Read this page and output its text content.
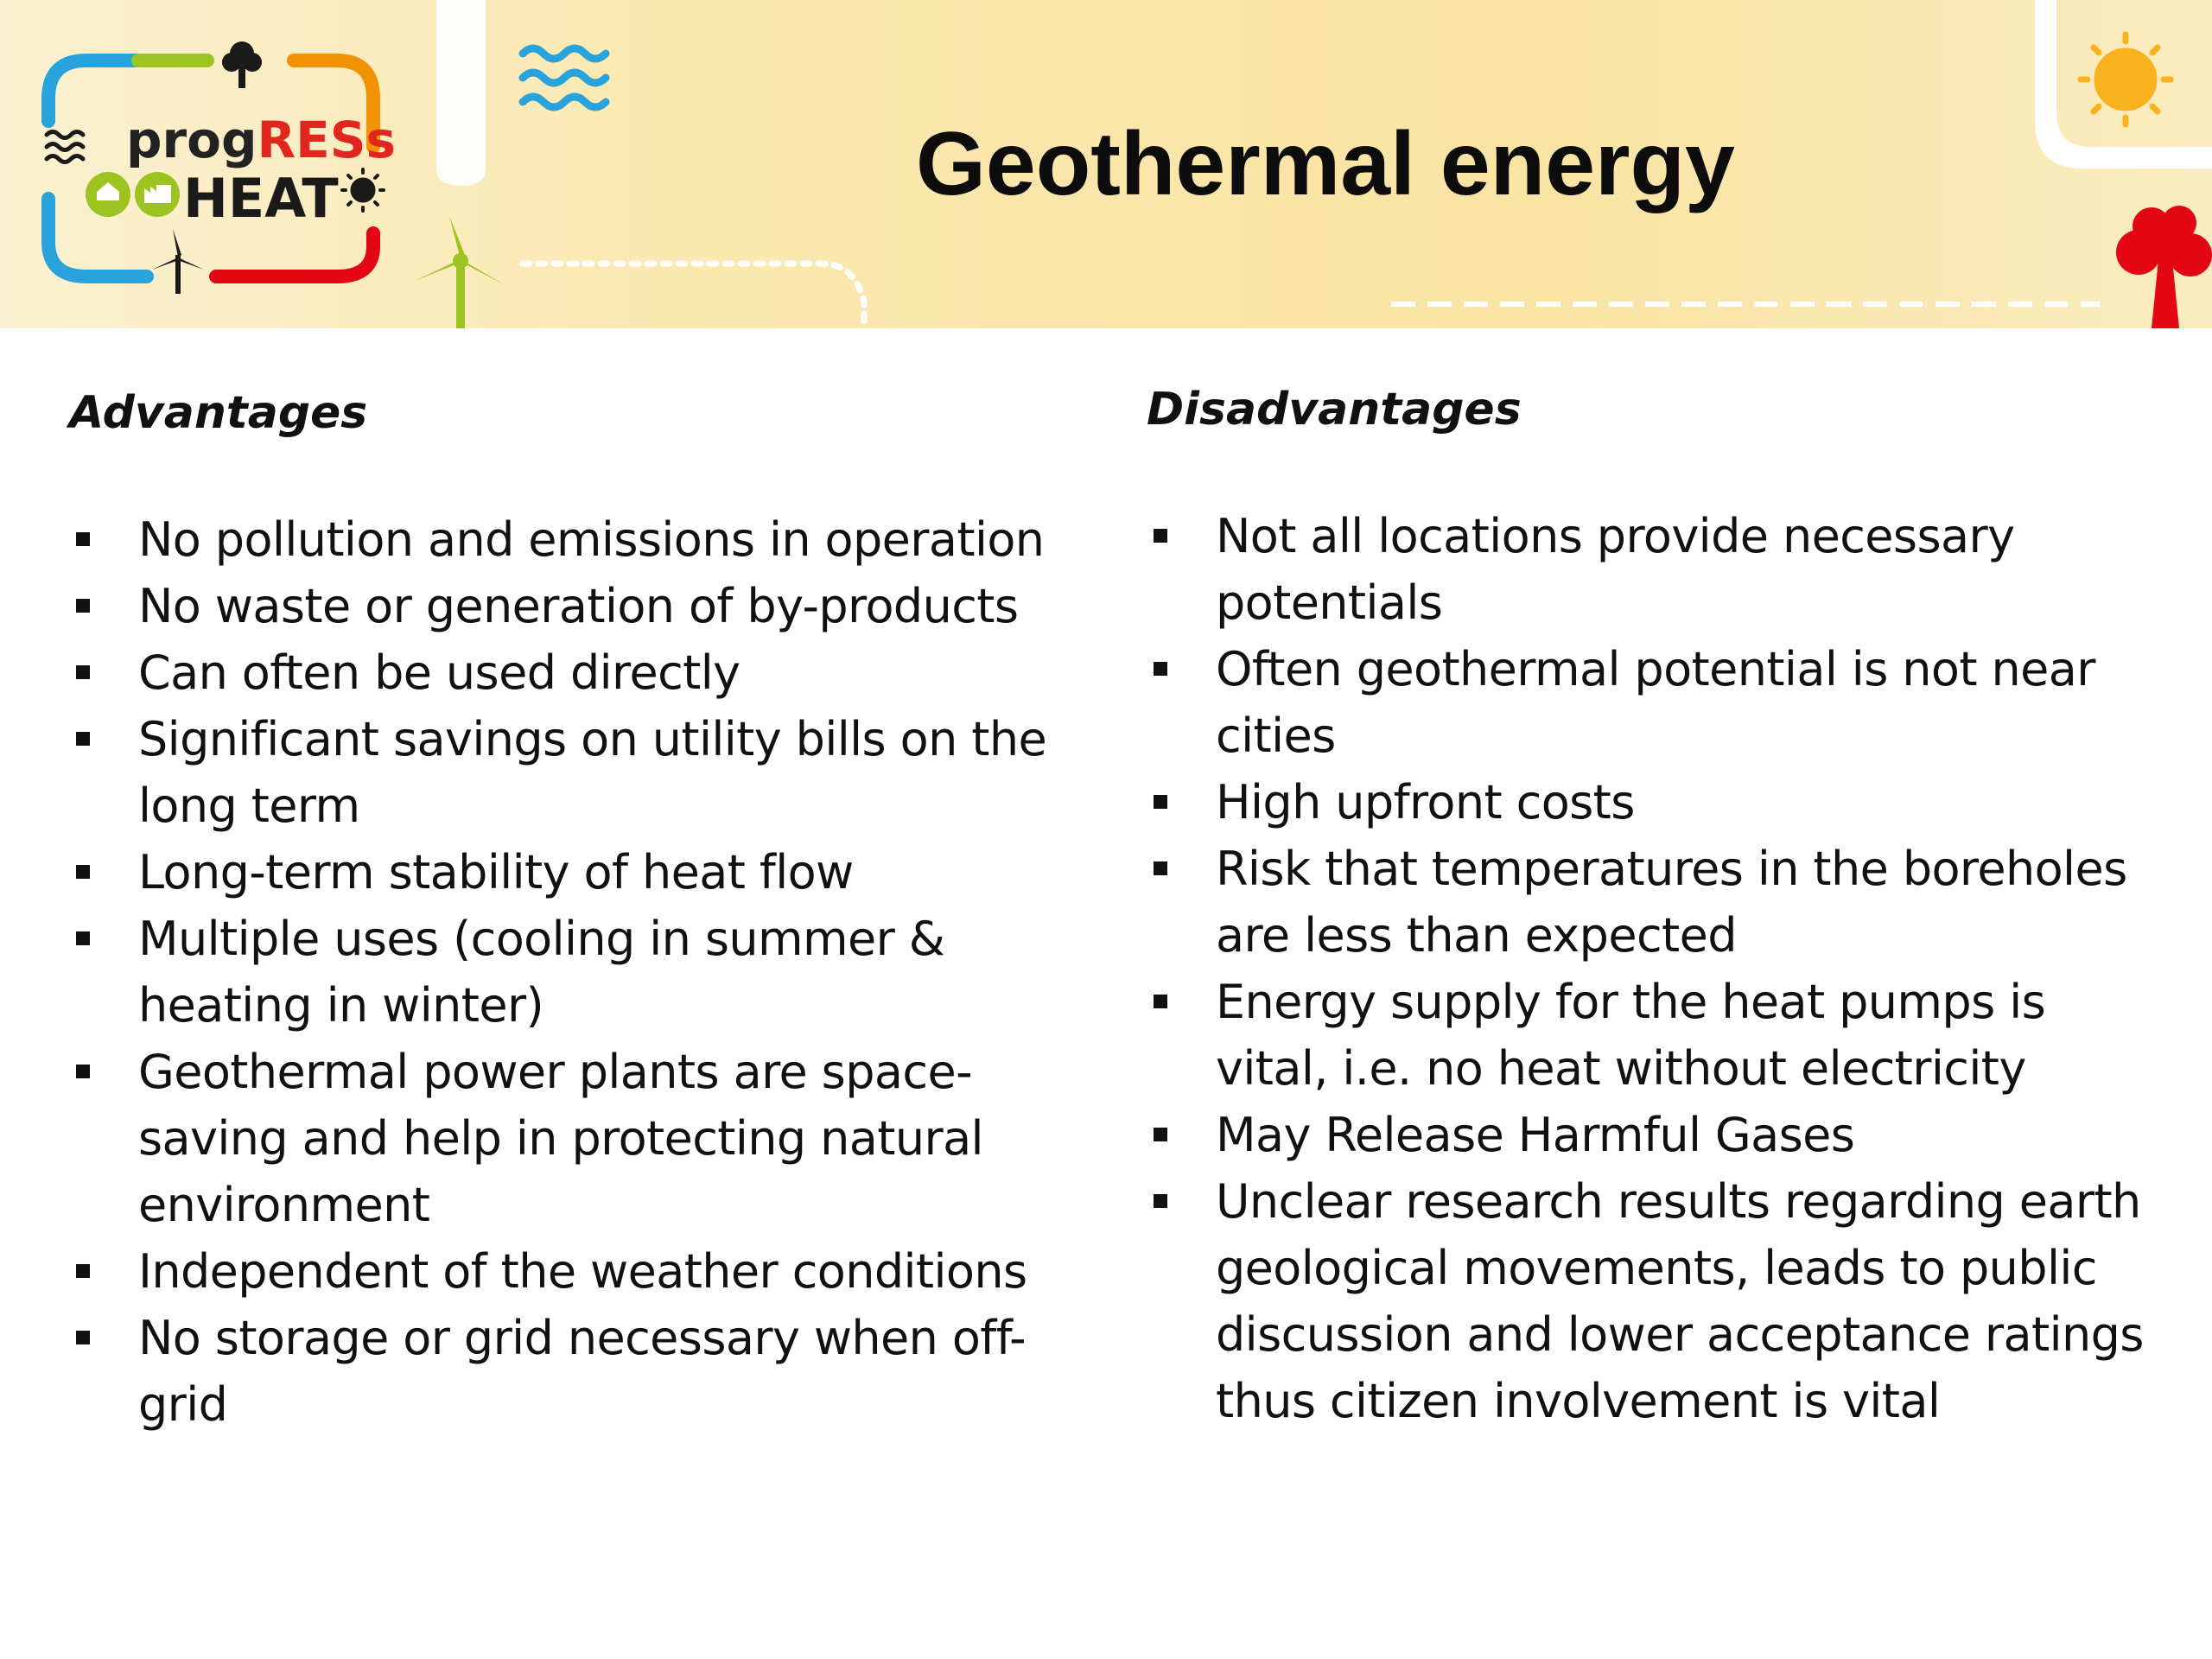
progRESs
HEAT	Geothermal energy
Advantages
No pollution and emissions in operation
No waste or generation of by-products
Can often be used directly
Significant savings on utility bills on the long term
Long-term stability of heat flow
Multiple uses (cooling in summer & heating in winter)
Geothermal power plants are space-saving and help in protecting natural environment
Independent of the weather conditions
No storage or grid necessary when off-grid
Disadvantages
Not all locations provide necessary potentials
Often geothermal potential is not near cities
High upfront costs
Risk that temperatures in the boreholes are less than expected
Energy supply for the heat pumps is vital, i.e. no heat without electricity
May Release Harmful Gases
Unclear research results regarding earth geological movements, leads to public discussion and lower acceptance ratings thus citizen involvement is vital
